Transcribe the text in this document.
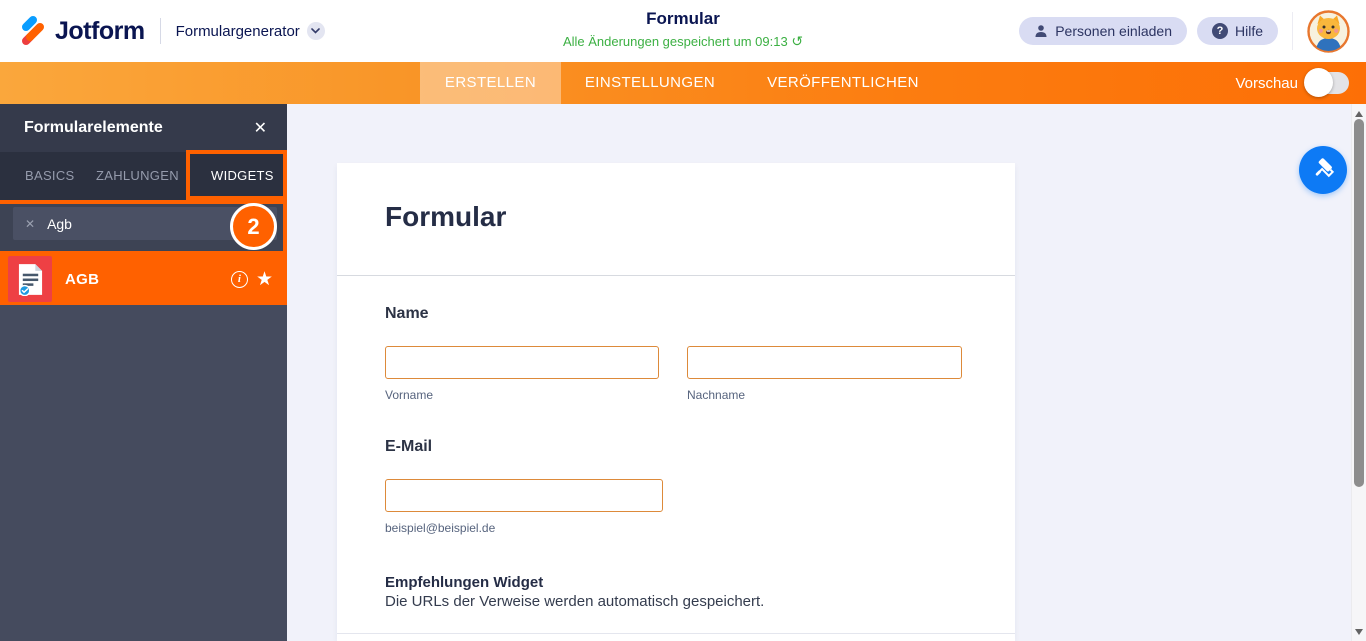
Jotform Formulargenerator
Formular
Alle Änderungen gespeichert um 09:13 ↺
Personen einladen	? Hilfe
ERSTELLEN	EINSTELLUNGEN	VERÖFFENTLICHEN	Vorschau
Formularelemente	✕
BASICS ZAHLUNGEN WIDGETS
✕
Agb	2
AGB	i ★
Formular
Name
Vorname	Nachname
E-Mail
beispiel@beispiel.de
Empfehlungen Widget
Die URLs der Verweise werden automatisch gespeichert.
